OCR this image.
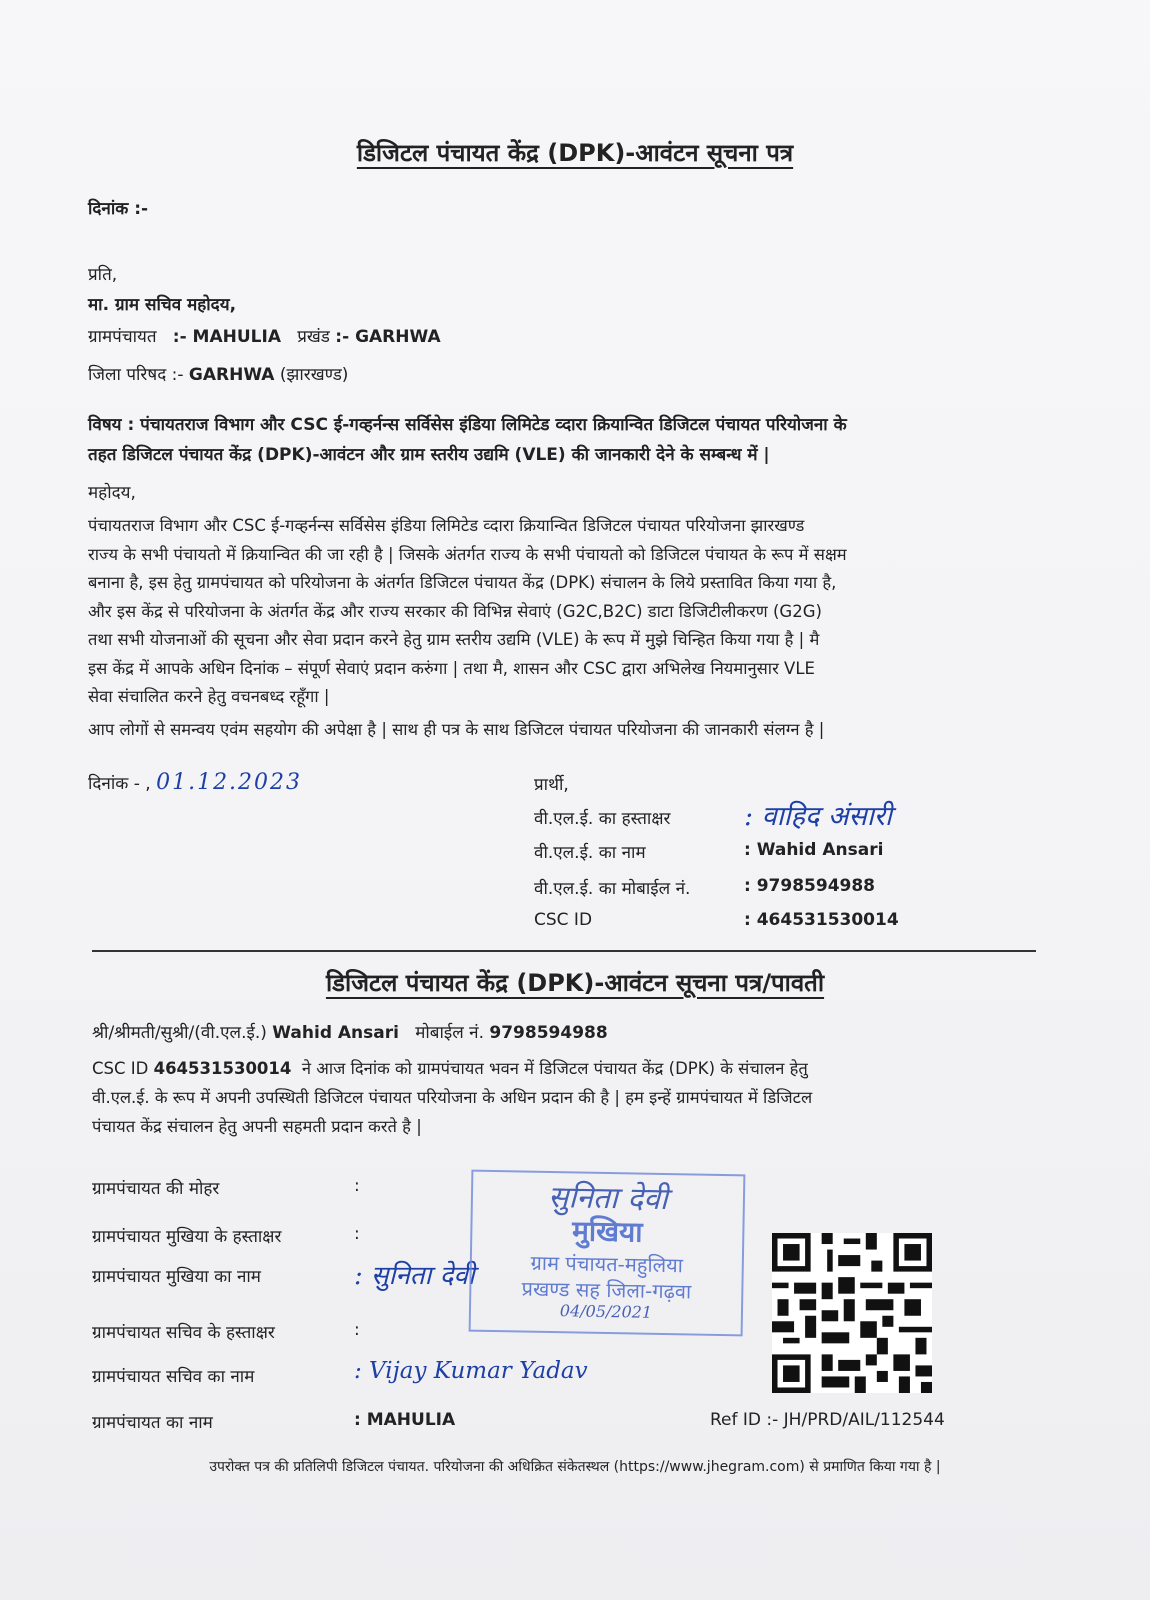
डिजिटल पंचायत केंद्र (DPK)-आवंटन सूचना पत्र
दिनांक :-
प्रति,
मा. ग्राम सचिव महोदय,
ग्रामपंचायत :- MAHULIA प्रखंड :- GARHWA
जिला परिषद :- GARHWA (झारखण्ड)
विषय : पंचायतराज विभाग और CSC ई-गव्हर्नन्स सर्विसेस इंडिया लिमिटेड व्दारा क्रियान्वित डिजिटल पंचायत परियोजना के
तहत डिजिटल पंचायत केंद्र (DPK)-आवंटन और ग्राम स्तरीय उद्यमि (VLE) की जानकारी देने के सम्बन्ध में |
महोदय,
पंचायतराज विभाग और CSC ई-गव्हर्नन्स सर्विसेस इंडिया लिमिटेड व्दारा क्रियान्वित डिजिटल पंचायत परियोजना झारखण्ड
राज्य के सभी पंचायतो में क्रियान्वित की जा रही है | जिसके अंतर्गत राज्य के सभी पंचायतो को डिजिटल पंचायत के रूप में सक्षम
बनाना है, इस हेतु ग्रामपंचायत को परियोजना के अंतर्गत डिजिटल पंचायत केंद्र (DPK) संचालन के लिये प्रस्तावित किया गया है,
और इस केंद्र से परियोजना के अंतर्गत केंद्र और राज्य सरकार की विभिन्न सेवाएं (G2C,B2C) डाटा डिजिटीलीकरण (G2G)
तथा सभी योजनाओं की सूचना और सेवा प्रदान करने हेतु ग्राम स्तरीय उद्यमि (VLE) के रूप में मुझे चिन्हित किया गया है | मै
इस केंद्र में आपके अधिन दिनांक – संपूर्ण सेवाएं प्रदान करुंगा | तथा मै, शासन और CSC द्वारा अभिलेख नियमानुसार VLE
सेवा संचालित करने हेतु वचनबध्द रहूँगा |
आप लोगों से समन्वय एवंम सहयोग की अपेक्षा है | साथ ही पत्र के साथ डिजिटल पंचायत परियोजना की जानकारी संलग्न है |
दिनांक - , 01.12.2023	प्रार्थी,
वी.एल.ई. का हस्ताक्षर	: वाहिद अंसारी
वी.एल.ई. का नाम	: Wahid Ansari
वी.एल.ई. का मोबाईल नं.	: 9798594988
CSC ID	: 464531530014
डिजिटल पंचायत केंद्र (DPK)-आवंटन सूचना पत्र/पावती
श्री/श्रीमती/सुश्री/(वी.एल.ई.) Wahid Ansari मोबाईल नं. 9798594988
CSC ID 464531530014 ने आज दिनांक को ग्रामपंचायत भवन में डिजिटल पंचायत केंद्र (DPK) के संचालन हेतु
वी.एल.ई. के रूप में अपनी उपस्थिती डिजिटल पंचायत परियोजना के अधिन प्रदान की है | हम इन्हें ग्रामपंचायत में डिजिटल
पंचायत केंद्र संचालन हेतु अपनी सहमती प्रदान करते है |
ग्रामपंचायत की मोहर	:
ग्रामपंचायत मुखिया के हस्ताक्षर	:
ग्रामपंचायत मुखिया का नाम	: सुनिता देवी
ग्रामपंचायत सचिव के हस्ताक्षर	:
ग्रामपंचायत सचिव का नाम	: Vijay Kumar Yadav
ग्रामपंचायत का नाम	: MAHULIA
सुनिता देवी
मुखिया
ग्राम पंचायत-महुलिया
प्रखण्ड सह जिला-गढ़वा
04/05/2021
Ref ID :- JH/PRD/AIL/112544
उपरोक्त पत्र की प्रतिलिपी डिजिटल पंचायत. परियोजना की अधिक्रित संकेतस्थल (https://www.jhegram.com) से प्रमाणित किया गया है |
